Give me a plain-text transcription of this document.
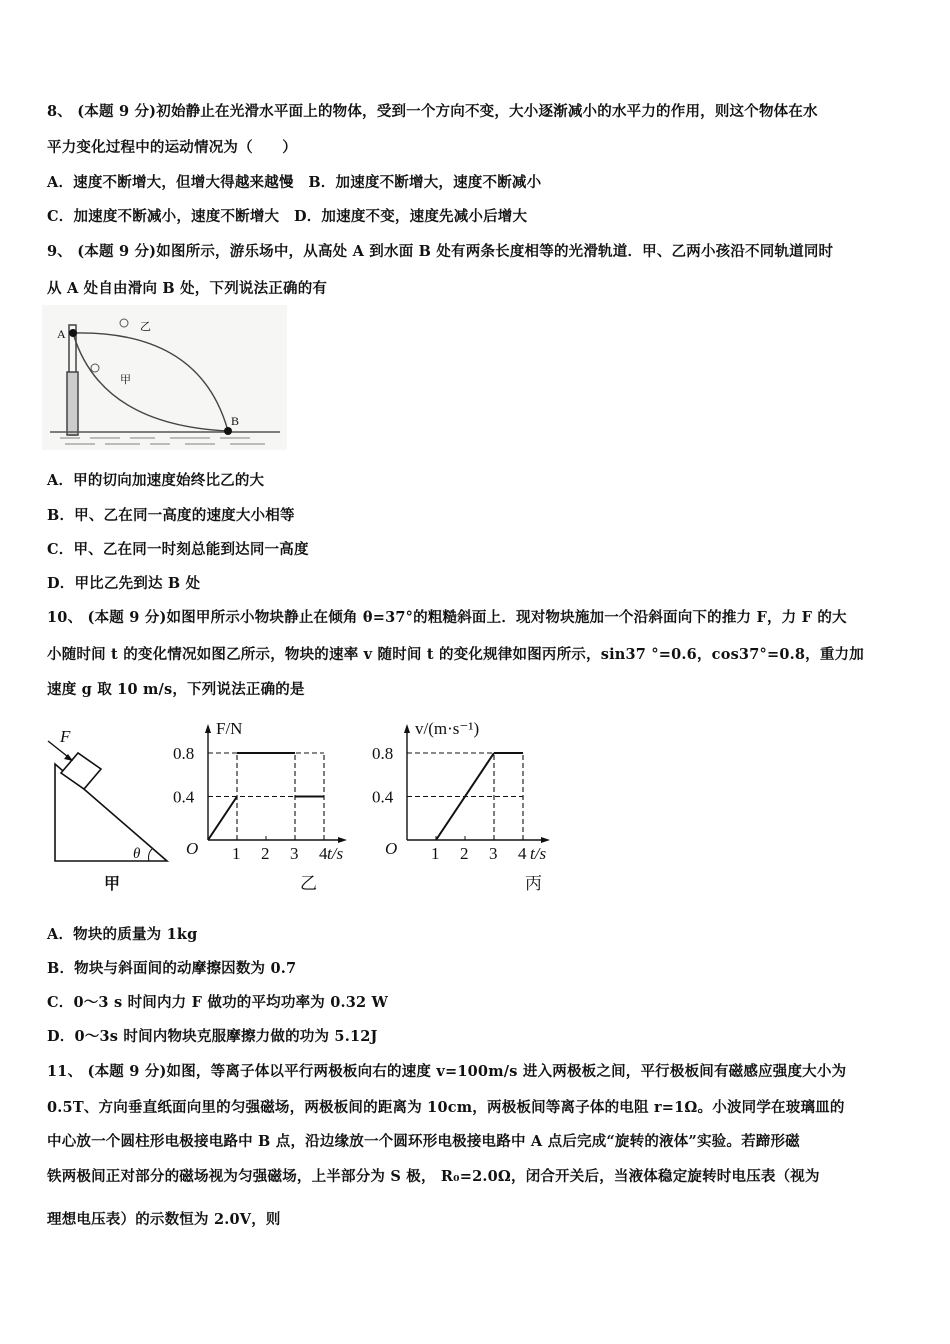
8、 (本题 9 分)初始静止在光滑水平面上的物体，受到一个方向不变，大小逐渐减小的水平力的作用，则这个物体在水
平力变化过程中的运动情况为（　　）
A．速度不断增大，但增大得越来越慢　B．加速度不断增大，速度不断减小
C．加速度不断减小，速度不断增大　D．加速度不变，速度先减小后增大
9、 (本题 9 分)如图所示，游乐场中，从高处 A 到水面 B 处有两条长度相等的光滑轨道．甲、乙两小孩沿不同轨道同时
从 A 处自由滑向 B 处，下列说法正确的有
A．甲的切向加速度始终比乙的大
B．甲、乙在同一高度的速度大小相等
C．甲、乙在同一时刻总能到达同一高度
D．甲比乙先到达 B 处
10、 (本题 9 分)如图甲所示小物块静止在倾角 θ=37°的粗糙斜面上．现对物块施加一个沿斜面向下的推力 F，力 F 的大
小随时间 t 的变化情况如图乙所示，物块的速率 v 随时间 t 的变化规律如图丙所示，sin37 °=0.6，cos37°=0.8，重力加
速度 g 取 10 m/s，下列说法正确的是
A．物块的质量为 1kg
B．物块与斜面间的动摩擦因数为 0.7
C．0～3 s 时间内力 F 做功的平均功率为 0.32 W
D．0～3s 时间内物块克服摩擦力做的功为 5.12J
11、 (本题 9 分)如图，等离子体以平行两极板向右的速度 v=100m/s 进入两极板之间，平行极板间有磁感应强度大小为
0.5T、方向垂直纸面向里的匀强磁场，两极板间的距离为 10cm，两极板间等离子体的电阻 r=1Ω。小波同学在玻璃皿的
中心放一个圆柱形电极接电路中 B 点，沿边缘放一个圆环形电极接电路中 A 点后完成“旋转的液体”实验。若蹄形磁
铁两极间正对部分的磁场视为匀强磁场，上半部分为 S 极， R₀=2.0Ω，闭合开关后，当液体稳定旋转时电压表（视为
理想电压表）的示数恒为 2.0V，则
A
B
乙
甲
F
θ
甲
O 1 2 3 4
0.4
0.8
F/N
t/s
乙
O 1 2 3 4
0.4
0.8
v/(m·s⁻¹)
t/s
丙
